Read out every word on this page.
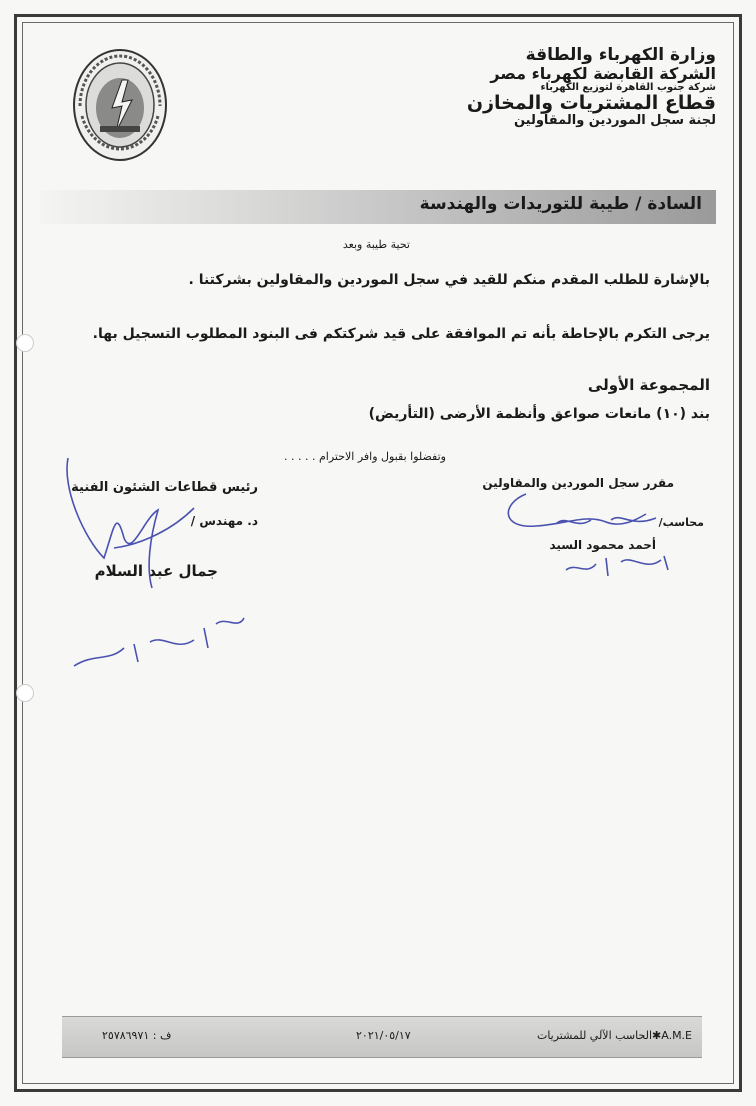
وزارة الكهرباء والطاقة
الشركة القابضة لكهرباء مصر
شركة جنوب القاهرة لتوزيع الكهرباء
قطاع المشتريات والمخازن
لجنة سجل الموردين والمقاولين
السادة / طيبة للتوريدات والهندسة
تحية طيبة وبعد
بالإشارة للطلب المقدم منكم للقيد في سجل الموردين والمقاولين بشركتنا .
يرجى التكرم بالإحاطة بأنه تم الموافقة على قيد شركتكم فى البنود المطلوب التسجيل بها.
المجموعة الأولى
بند (١٠) مانعات صواعق وأنظمة الأرضى (التأريض)
وتفضلوا بقبول وافر الاحترام . . . . .
مقرر سجل الموردين والمقاولين
محاسب/
أحمد محمود السيد
رئيس قطاعات الشئون الفنية
د. مهندس /
جمال عبد السلام
A.M.E✱الحاسب الآلي للمشتريات
٢٠٢١/٠٥/١٧
ف : ٢٥٧٨٦٩٧١
